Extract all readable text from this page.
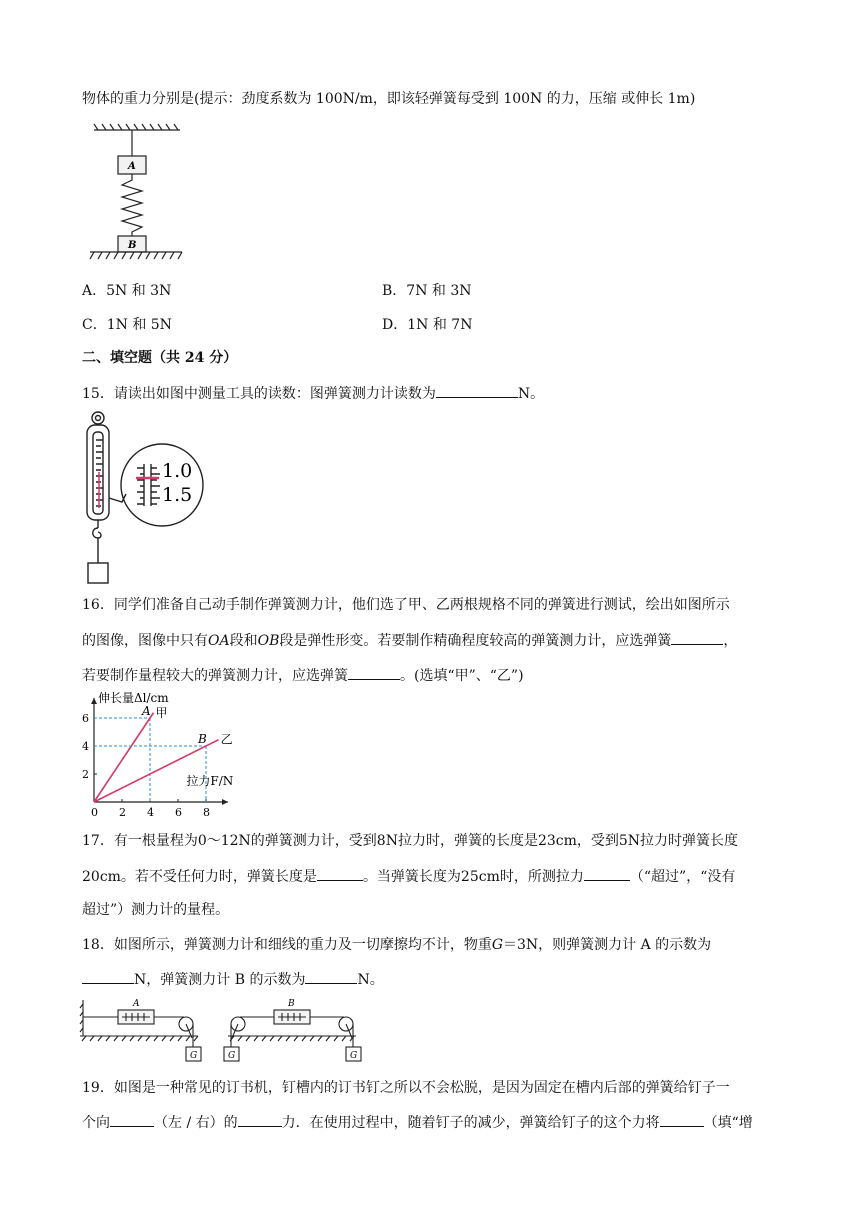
物体的重力分别是(提示：劲度系数为 100N/m，即该轻弹簧每受到 100N 的力，压缩 或伸长 1m)
A
B
A．5N 和 3N	B．7N 和 3N
C．1N 和 5N	D．1N 和 7N
二、填空题（共 24 分）
15．请读出如图中测量工具的读数：图弹簧测力计读数为	N。
1.0
1.5
16．同学们准备自己动手制作弹簧测力计，他们选了甲、乙两根规格不同的弹簧进行测试，绘出如图所示
的图像，图像中只有OA段和OB段是弹性形变。若要制作精确程度较高的弹簧测力计，应选弹簧	，
若要制作量程较大的弹簧测力计，应选弹簧	。(选填“甲”、“乙”)
伸长量Δl/cm
拉力F/N
0 2 4 6 8
2
4
6
A 甲
B 乙
17．有一根量程为0～12N的弹簧测力计，受到8N拉力时，弹簧的长度是23cm，受到5N拉力时弹簧长度
20cm。若不受任何力时，弹簧长度是	。当弹簧长度为25cm时，所测拉力	（“超过”，“没有
超过”）测力计的量程。
18．如图所示，弹簧测力计和细线的重力及一切摩擦均不计，物重G＝3N，则弹簧测力计 A 的示数为
N，弹簧测力计 B 的示数为	N。
A	B
G	G	G
19．如图是一种常见的订书机，钉槽内的订书钉之所以不会松脱，是因为固定在槽内后部的弹簧给钉子一
个向	（左 / 右）的	力．在使用过程中，随着钉子的减少，弹簧给钉子的这个力将	（填“增
